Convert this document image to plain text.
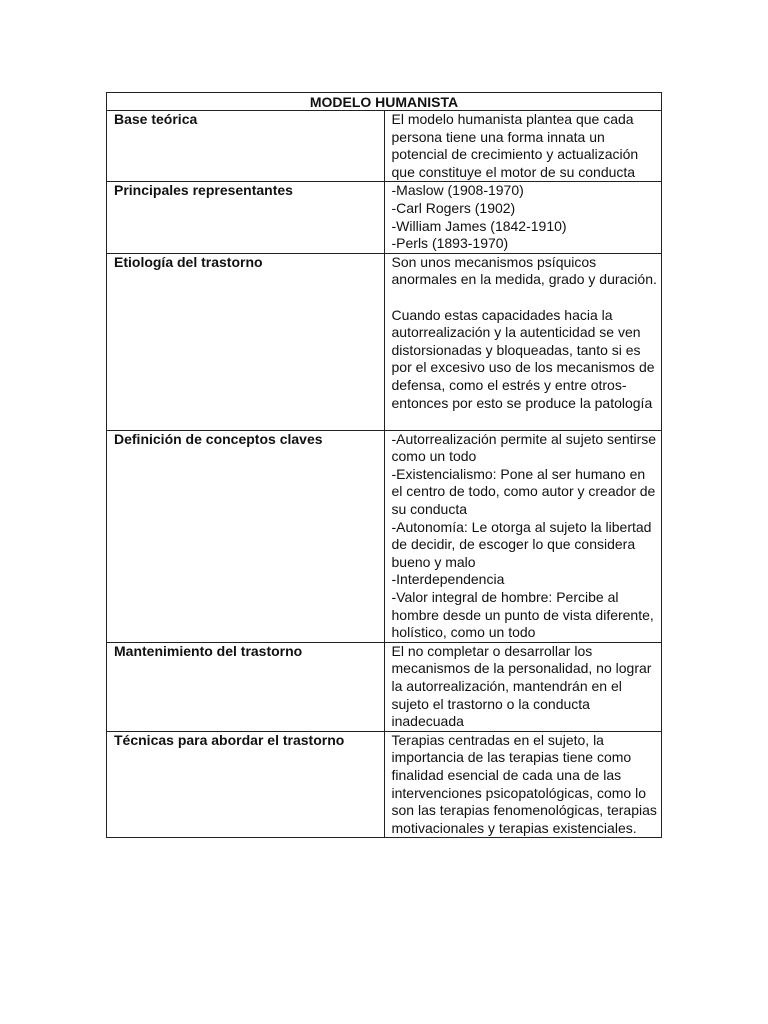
MODELO HUMANISTA	
Base teórica	El modelo humanista plantea que cada persona tiene una forma innata un potencial de crecimiento y actualización que constituye el motor de su conducta

Principales representantes	-Maslow (1908-1970)
-Carl Rogers (1902)
-William James (1842-1910)
-Perls (1893-1970)

Etiología del trastorno	Son unos mecanismos psíquicos anormales en la medida, grado y duración.
Cuando estas capacidades hacia la autorrealización y la autenticidad se ven distorsionadas y bloqueadas, tanto si es por el excesivo uso de los mecanismos de defensa, como el estrés y entre otros- entonces por esto se produce la patología

Definición de conceptos claves	-Autorrealización permite al sujeto sentirse como un todo
-Existencialismo: Pone al ser humano en el centro de todo, como autor y creador de su conducta
-Autonomía: Le otorga al sujeto la libertad de decidir, de escoger lo que considera bueno y malo
-Interdependencia
-Valor integral de hombre: Percibe al hombre desde un punto de vista diferente, holístico, como un todo

Mantenimiento del trastorno	El no completar o desarrollar los mecanismos de la personalidad, no lograr la autorrealización, mantendrán en el sujeto el trastorno o la conducta inadecuada

Técnicas para abordar el trastorno	Terapias centradas en el sujeto, la importancia de las terapias tiene como finalidad esencial de cada una de las intervenciones psicopatológicas, como lo son las terapias fenomenológicas, terapias motivacionales y terapias existenciales.
